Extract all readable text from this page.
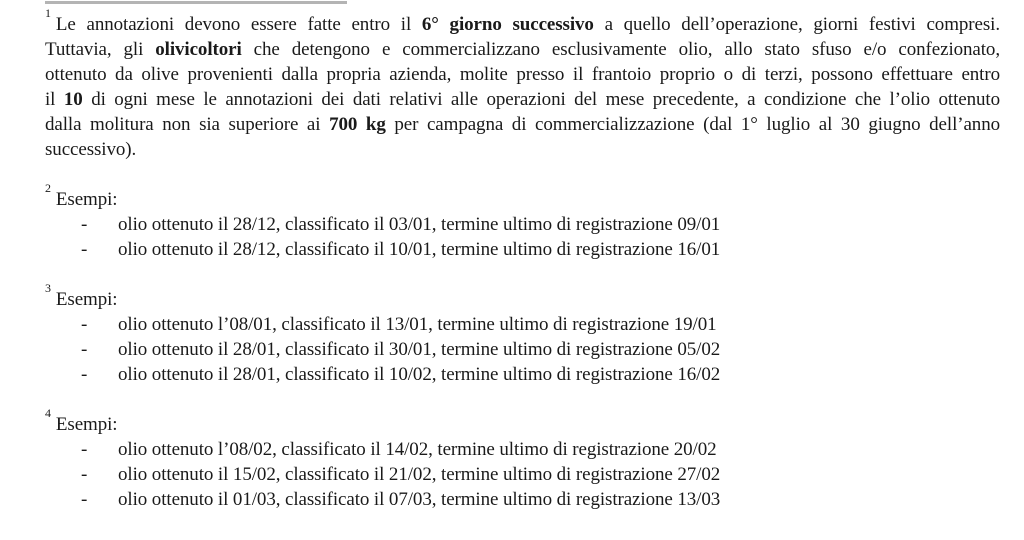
$^1$Le annotazioni devono essere fatte entro il 6° giorno successivo a quello dell’operazione, giorni festivi compresi.
Tuttavia, gli olivicoltori che detengono e commercializzano esclusivamente olio, allo stato sfuso e/o confezionato,
ottenuto da olive provenienti dalla propria azienda, molite presso il frantoio proprio o di terzi, possono effettuare entro
il 10 di ogni mese le annotazioni dei dati relativi alle operazioni del mese precedente, a condizione che l’olio ottenuto
dalla molitura non sia superiore ai 700 kg per campagna di commercializzazione (dal 1° luglio al 30 giugno dell’anno
successivo).
$^2$Esempi:
- olio ottenuto il 28/12, classificato il 03/01, termine ultimo di registrazione 09/01
- olio ottenuto il 28/12, classificato il 10/01, termine ultimo di registrazione 16/01
$^3$Esempi:
- olio ottenuto l’08/01, classificato il 13/01, termine ultimo di registrazione 19/01
- olio ottenuto il 28/01, classificato il 30/01, termine ultimo di registrazione 05/02
- olio ottenuto il 28/01, classificato il 10/02, termine ultimo di registrazione 16/02
$^4$Esempi:
- olio ottenuto l’08/02, classificato il 14/02, termine ultimo di registrazione 20/02
- olio ottenuto il 15/02, classificato il 21/02, termine ultimo di registrazione 27/02
- olio ottenuto il 01/03, classificato il 07/03, termine ultimo di registrazione 13/03
